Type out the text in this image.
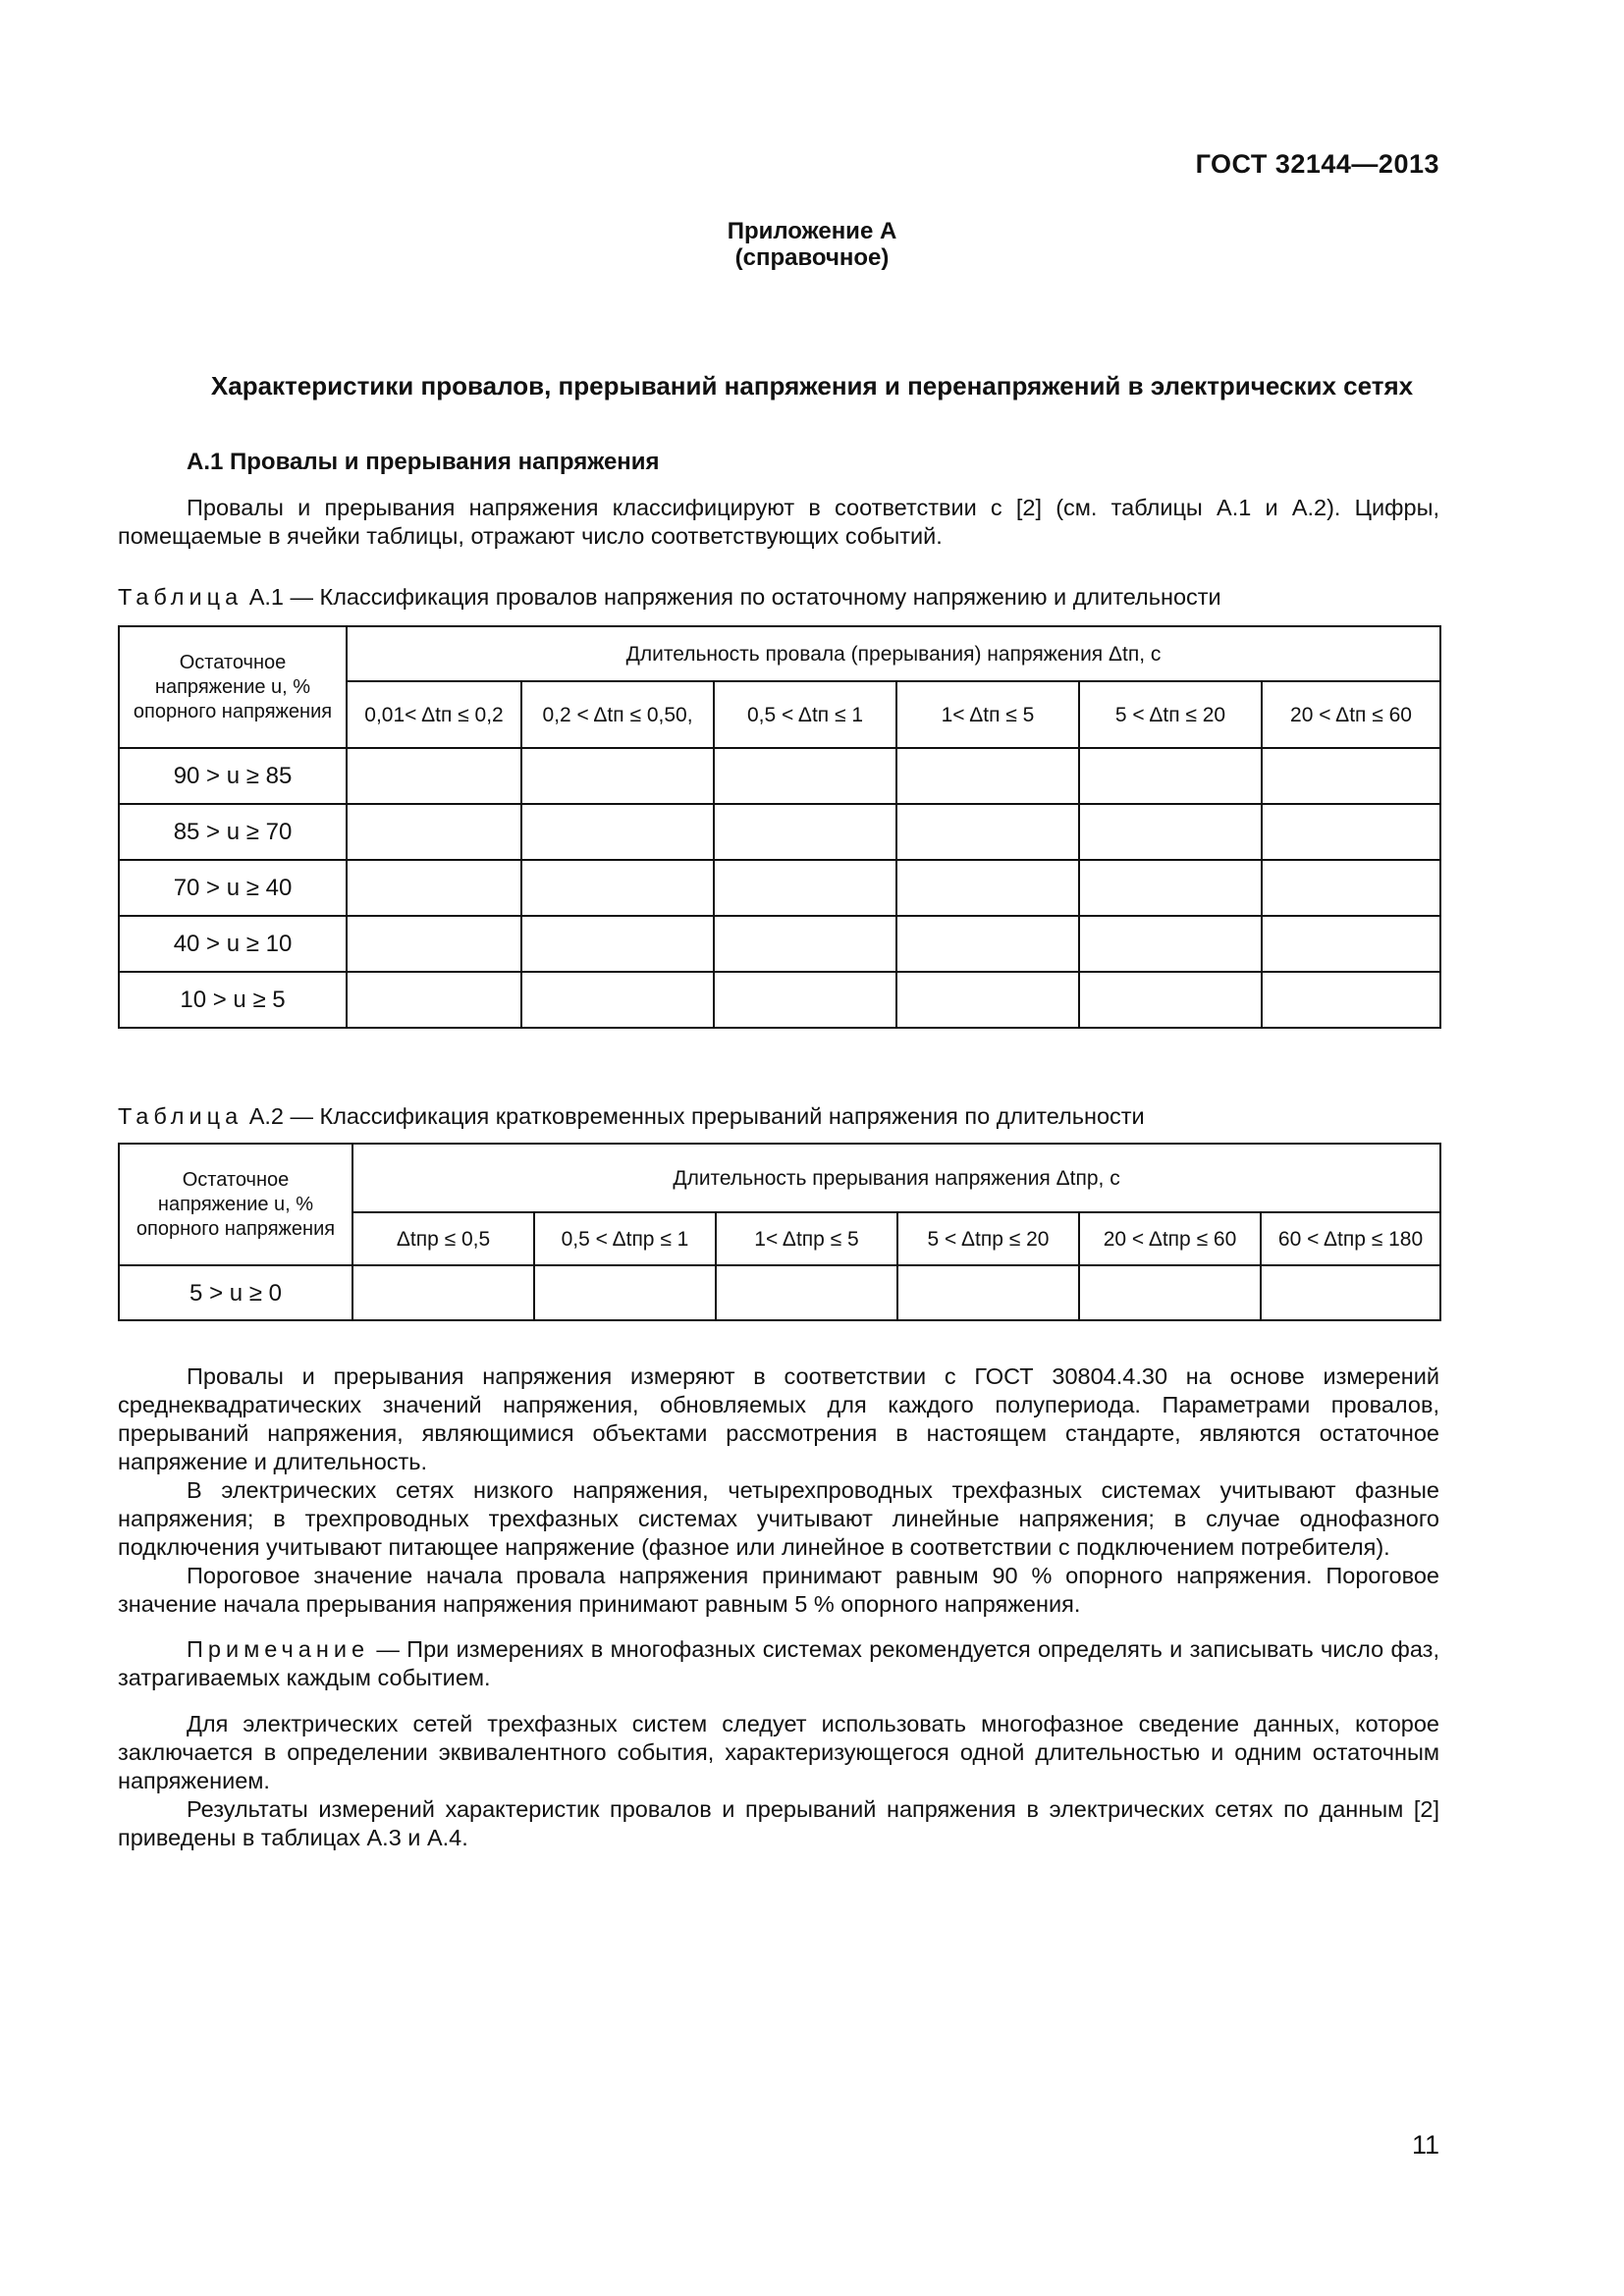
ГОСТ 32144—2013
Приложение А
(справочное)
Характеристики провалов, прерываний напряжения и перенапряжений в электрических сетях
А.1 Провалы и прерывания напряжения
Провалы и прерывания напряжения классифицируют в соответствии с [2] (см. таблицы А.1 и А.2). Цифры, помещаемые в ячейки таблицы, отражают число соответствующих событий.
Таблица А.1 — Классификация провалов напряжения по остаточному напряжению и длительности
Остаточное напряжение u, % опорного напряжения	Длительность провала (прерывания) напряжения Δtп, с					
	0,01< Δtп ≤ 0,2	0,2 < Δtп ≤ 0,50,	0,5 < Δtп ≤ 1	1< Δtп ≤ 5	5 < Δtп ≤ 20	20 < Δtп ≤ 60
90 > u ≥ 85						
85 > u ≥ 70						
70 > u ≥ 40						
40 > u ≥ 10						
10 > u ≥ 5						
Таблица А.2 — Классификация кратковременных прерываний напряжения по длительности
Остаточное напряжение u, % опорного напряжения	Длительность прерывания напряжения Δtпр, с					
	Δtпр ≤ 0,5	0,5 < Δtпр ≤ 1	1< Δtпр ≤ 5	5 < Δtпр ≤ 20	20 < Δtпр ≤ 60	60 < Δtпр ≤ 180
5 > u ≥ 0						
Провалы и прерывания напряжения измеряют в соответствии с ГОСТ 30804.4.30 на основе измерений среднеквадратических значений напряжения, обновляемых для каждого полупериода. Параметрами провалов, прерываний напряжения, являющимися объектами рассмотрения в настоящем стандарте, являются остаточное напряжение и длительность.
В электрических сетях низкого напряжения, четырехпроводных трехфазных системах учитывают фазные напряжения; в трехпроводных трехфазных системах учитывают линейные напряжения; в случае однофазного подключения учитывают питающее напряжение (фазное или линейное в соответствии с подключением потребителя).
Пороговое значение начала провала напряжения принимают равным 90 % опорного напряжения. Пороговое значение начала прерывания напряжения принимают равным 5 % опорного напряжения.
Примечание — При измерениях в многофазных системах рекомендуется определять и записывать число фаз, затрагиваемых каждым событием.
Для электрических сетей трехфазных систем следует использовать многофазное сведение данных, которое заключается в определении эквивалентного события, характеризующегося одной длительностью и одним остаточным напряжением.
Результаты измерений характеристик провалов и прерываний напряжения в электрических сетях по данным [2] приведены в таблицах А.3 и А.4.
11
